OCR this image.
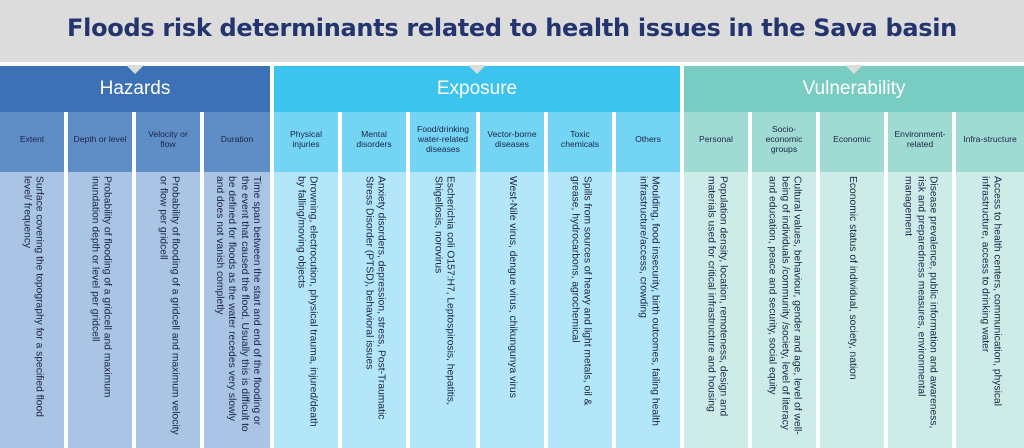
Floods risk determinants related to health issues in the Sava basin
Hazards
Extent
Surface covering the topography for a specified flood level/ frequency
Depth or level
Probability of flooding of a gridcell and maximum inundation depth or level per gridcell
Velocity or flow
Probability of flooding of a gridcell and maximum velocity or flow per gridcell
Duration
Time span between the start and end of the flooding or the event that caused the flood. Usually this is difficult to be defined for floods as the water recedes very slowly and does not vanish completly
Exposure
Physical injuries
Drowning, electrocution, physical trauma, injured/death by falling/moving objects
Mental disorders
Anxiety disorders, depression, stress, Post-Traumatic Stress Disorder (PTSD), behavioral issues
Food/drinking water-related diseases
Escherichia coli O157:H7, Leptospirosis, hepatitis, Shigellosis, norovirus
Vector-borne diseases
West-Nile virus, dengue virus, chikungunya virus
Toxic chemicals
Spills from sources of heavy and light metals, oil & grease, hydrocarbons, agrochemical
Others
Moulding, food insecurity, birth outcomes, failing health infrastructure/access, crowding
Vulnerability
Personal
Population density, location, remoteness, design and materials used for critical infrastructure and housing
Socio-economic groups
Cultural values, behaviour, gender and age, level of well-being of individuals /community /society, level of literacy and education, peace and security, social equity
Economic
Economic status of individual, society, nation
Environment-related
Disease prevalence, public information and awareness, risk and preparedness measures, environmental management
Infra-structure
Access to health centers, communication, physical infrastructure, access to drinking water
